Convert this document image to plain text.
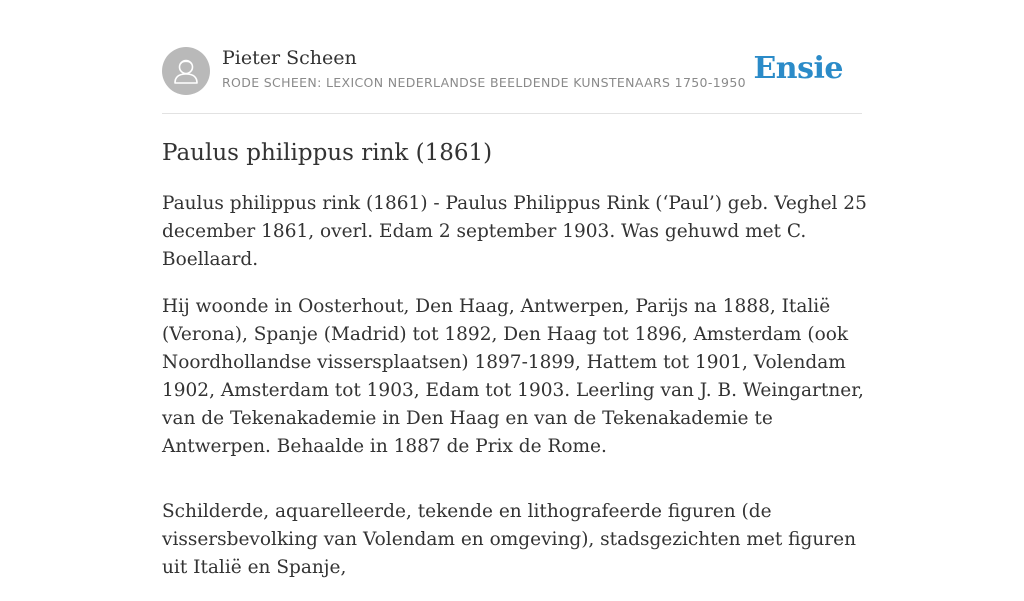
Pieter Scheen
RODE SCHEEN: LEXICON NEDERLANDSE BEELDENDE KUNSTENAARS 1750-1950 Ensie
Paulus philippus rink (1861)

Paulus philippus rink (1861) - Paulus Philippus Rink (‘Paul’) geb. Veghel 25 december 1861, overl. Edam 2 september 1903. Was gehuwd met C. Boellaard.

Hij woonde in Oosterhout, Den Haag, Antwerpen, Parijs na 1888, Italië (Verona), Spanje (Madrid) tot 1892, Den Haag tot 1896, Amsterdam (ook Noordhollandse vissersplaatsen) 1897-1899, Hattem tot 1901, Volendam 1902, Amsterdam tot 1903, Edam tot 1903. Leerling van J. B. Weingartner, van de Tekenakademie in Den Haag en van de Tekenakademie te Antwerpen. Behaalde in 1887 de Prix de Rome.

Schilderde, aquarelleerde, tekende en lithografeerde figuren (de vissersbevolking van Volendam en omgeving), stadsgezichten met figuren uit Italië en Spanje,
